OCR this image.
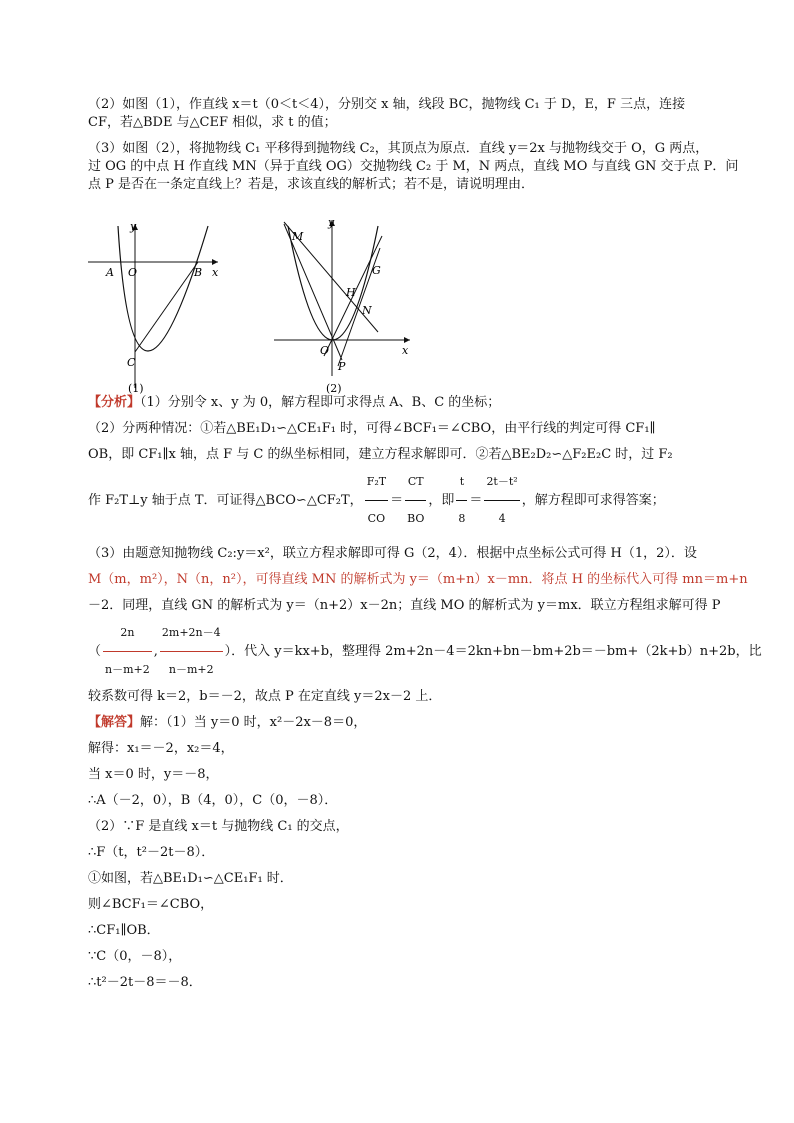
（2）如图（1），作直线 x＝t（0＜t＜4），分别交 x 轴，线段 BC，抛物线 C₁ 于 D，E，F 三点，连接

CF，若△BDE 与△CEF 相似，求 t 的值；

（3）如图（2），将抛物线 C₁ 平移得到抛物线 C₂，其顶点为原点．直线 y＝2x 与抛物线交于 O，G 两点，

过 OG 的中点 H 作直线 MN（异于直线 OG）交抛物线 C₂ 于 M，N 两点，直线 MO 与直线 GN 交于点 P．问

点 P 是否在一条定直线上？若是，求该直线的解析式；若不是，请说明理由．

y
x
A O	B
C
(1)
y
x
M
G
H
N
O
P
(2)

【分析】（1）分别令 x、y 为 0，解方程即可求得点 A、B、C 的坐标；

（2）分两种情况：①若△BE₁D₁∽△CE₁F₁ 时，可得∠BCF₁＝∠CBO，由平行线的判定可得 CF₁∥

OB，即 CF₁∥x 轴，点 F 与 C 的纵坐标相同，建立方程求解即可．②若△BE₂D₂∽△F₂E₂C 时，过 F₂

作 F₂T⊥y 轴于点 T．可证得△BCO∽△CF₂T， $\frac{\text{F₂T}}{CO} = \frac{CT}{BO}$ ，即 $\frac{t}{8} = \frac{\text{2t－t²}}{4}$ ，解方程即可求得答案；

（3）由题意知抛物线 C₂:y＝x²，联立方程求解即可得 G（2，4）．根据中点坐标公式可得 H（1，2）．设

M（m，m²），N（n，n²），可得直线 MN 的解析式为 y＝（m+n）x－mn．将点 H 的坐标代入可得 mn＝m+n

－2．同理，直线 GN 的解析式为 y＝（n+2）x－2n；直线 MO 的解析式为 y＝mx．联立方程组求解可得 P

（ $\frac{2n}{n-m+2}$ , $\frac{2m+2n-4}{n-m+2}$ ）．代入 y＝kx+b，整理得 2m+2n－4＝2kn+bn－bm+2b＝－bm+（2k+b）n+2b，比

较系数可得 k＝2，b＝－2，故点 P 在定直线 y＝2x－2 上．

【解答】解：（1）当 y＝0 时，x²－2x－8＝0，

解得：x₁＝－2，x₂＝4，

当 x＝0 时，y＝－8，

∴A（－2，0），B（4，0），C（0，－8）．

（2）∵F 是直线 x＝t 与抛物线 C₁ 的交点，

∴F（t，t²－2t－8）．

①如图，若△BE₁D₁∽△CE₁F₁ 时．

则∠BCF₁＝∠CBO，

∴CF₁∥OB．

∵C（0，－8），

∴t²－2t－8＝－8．
